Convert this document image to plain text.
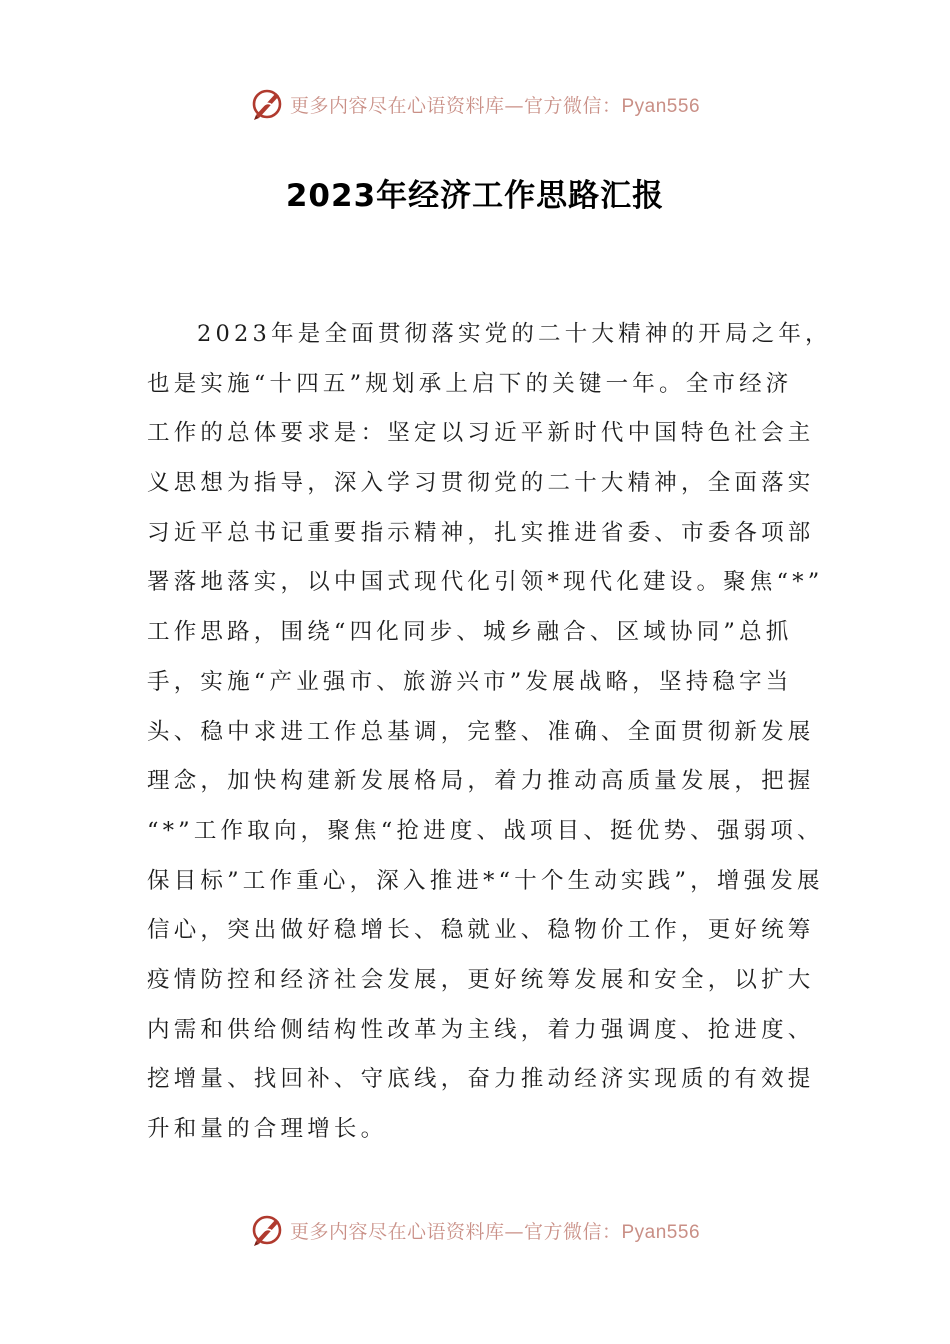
更多内容尽在心语资料库—官方微信：Pyan556
2023年经济工作思路汇报
2023年是全面贯彻落实党的二十大精神的开局之年，
也是实施“十四五”规划承上启下的关键一年。全市经济
工作的总体要求是：坚定以习近平新时代中国特色社会主
义思想为指导，深入学习贯彻党的二十大精神，全面落实
习近平总书记重要指示精神，扎实推进省委、市委各项部
署落地落实，以中国式现代化引领*现代化建设。聚焦“*”
工作思路，围绕“四化同步、城乡融合、区域协同”总抓
手，实施“产业强市、旅游兴市”发展战略，坚持稳字当
头、稳中求进工作总基调，完整、准确、全面贯彻新发展
理念，加快构建新发展格局，着力推动高质量发展，把握
“*”工作取向，聚焦“抢进度、战项目、挺优势、强弱项、
保目标”工作重心，深入推进*“十个生动实践”，增强发展
信心，突出做好稳增长、稳就业、稳物价工作，更好统筹
疫情防控和经济社会发展，更好统筹发展和安全，以扩大
内需和供给侧结构性改革为主线，着力强调度、抢进度、
挖增量、找回补、守底线，奋力推动经济实现质的有效提
升和量的合理增长。
更多内容尽在心语资料库—官方微信：Pyan556
